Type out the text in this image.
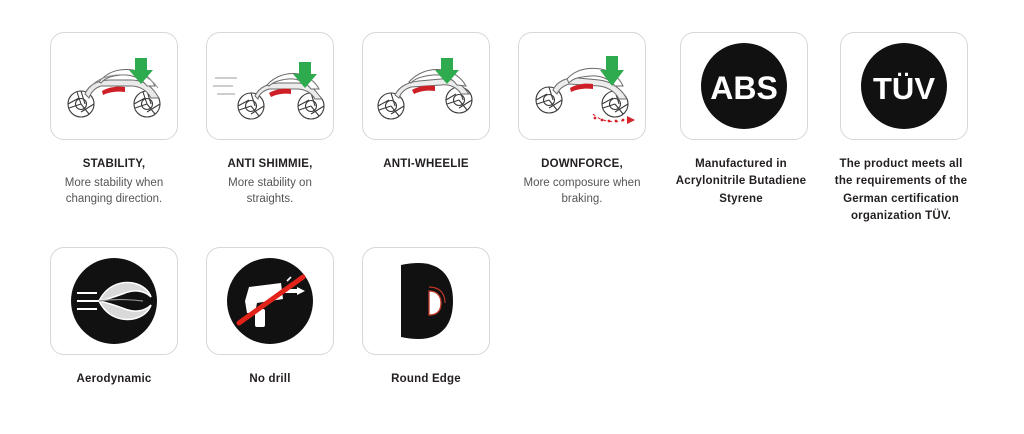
STABILITY,
More stability when changing direction.
ANTI SHIMMIE,
More stability on straights.
ANTI-WHEELIE	DOWNFORCE,
More composure when braking.
ABS
Manufactured in Acrylonitrile Butadiene Styrene
TÜV
The product meets all the requirements of the German certification organization TÜV.
Aerodynamic	No drill	Round Edge
